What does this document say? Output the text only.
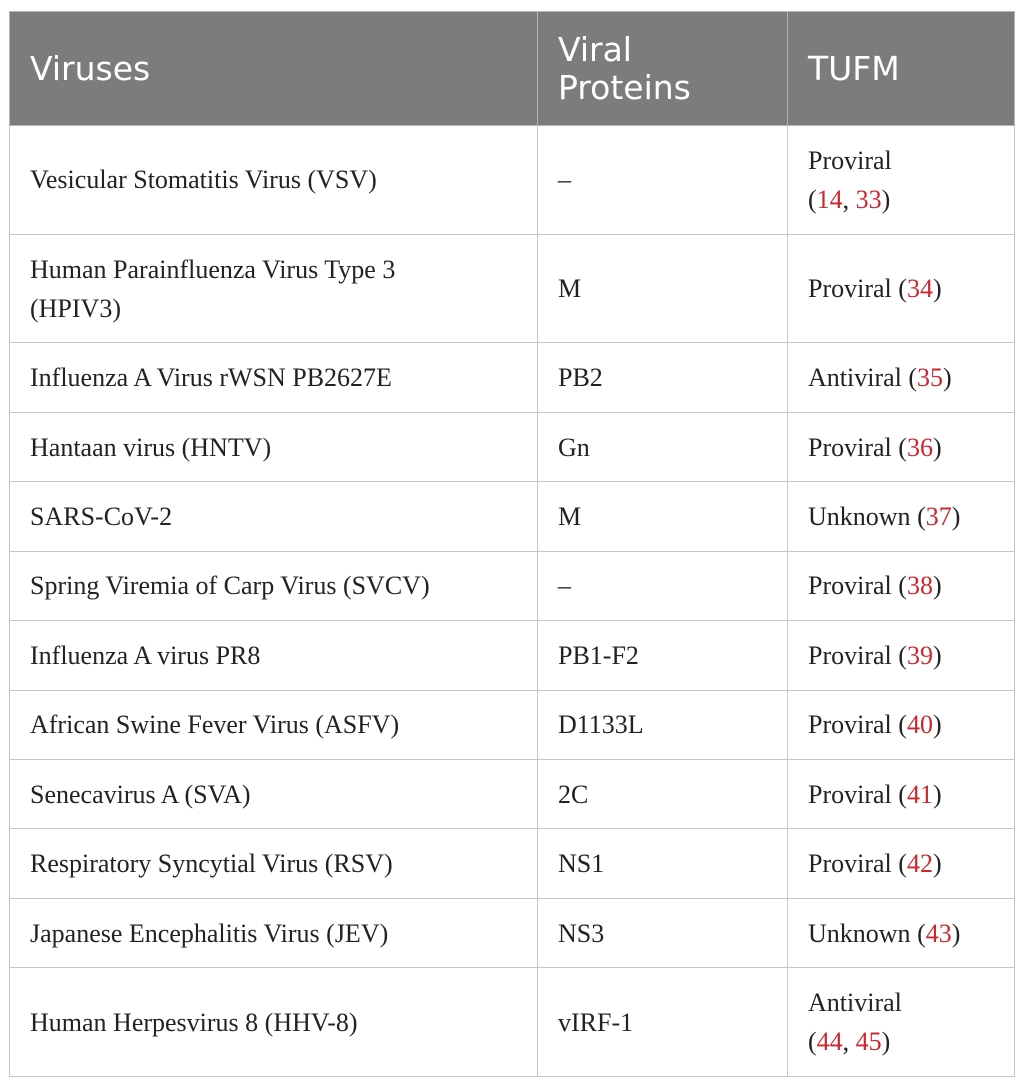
Viruses	Viral Proteins	TUFM
Vesicular Stomatitis Virus (VSV)	–	Proviral
(14, 33)
Human Parainfluenza Virus Type 3 (HPIV3)	M	Proviral (34)
Influenza A Virus rWSN PB2627E	PB2	Antiviral (35)
Hantaan virus (HNTV)	Gn	Proviral (36)
SARS-CoV-2	M	Unknown (37)
Spring Viremia of Carp Virus (SVCV)	–	Proviral (38)
Influenza A virus PR8	PB1-F2	Proviral (39)
African Swine Fever Virus (ASFV)	D1133L	Proviral (40)
Senecavirus A (SVA)	2C	Proviral (41)
Respiratory Syncytial Virus (RSV)	NS1	Proviral (42)
Japanese Encephalitis Virus (JEV)	NS3	Unknown (43)
Human Herpesvirus 8 (HHV-8)	vIRF-1	Antiviral
(44, 45)
